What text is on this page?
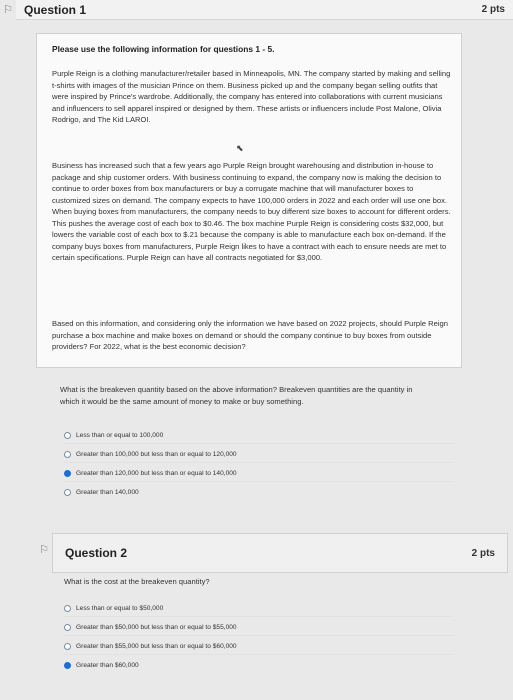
⚐ Question 1	2 pts
Please use the following information for questions 1 - 5.
Purple Reign is a clothing manufacturer/retailer based in Minneapolis, MN. The company started by making and selling t-shirts with images of the musician Prince on them. Business picked up and the company began selling outfits that were inspired by Prince's wardrobe. Additionally, the company has entered into collaborations with current musicians and influencers to sell apparel inspired or designed by them. These artists or influencers include Post Malone, Olivia Rodrigo, and The Kid LAROI.
⬉
Business has increased such that a few years ago Purple Reign brought warehousing and distribution in-house to package and ship customer orders. With business continuing to expand, the company now is making the decision to continue to order boxes from box manufacturers or buy a corrugate machine that will manufacturer boxes to customized sizes on demand. The company expects to have 100,000 orders in 2022 and each order will use one box. When buying boxes from manufacturers, the company needs to buy different size boxes to account for different orders. This pushes the average cost of each box to $0.46. The box machine Purple Reign is considering costs $32,000, but lowers the variable cost of each box to $.21 because the company is able to manufacture each box on-demand. If the company buys boxes from manufacturers, Purple Reign likes to have a contract with each to ensure needs are met to certain specifications. Purple Reign can have all contracts negotiated for $3,000.
Based on this information, and considering only the information we have based on 2022 projects, should Purple Reign purchase a box machine and make boxes on demand or should the company continue to buy boxes from outside providers? For 2022, what is the best economic decision?
What is the breakeven quantity based on the above information? Breakeven quantities are the quantity in which it would be the same amount of money to make or buy something.
Less than or equal to 100,000
Greater than 100,000 but less than or equal to 120,000
Greater than 120,000 but less than or equal to 140,000
Greater than 140,000
⚐ Question 2	2 pts
What is the cost at the breakeven quantity?
Less than or equal to $50,000
Greater than $50,000 but less than or equal to $55,000
Greater than $55,000 but less than or equal to $60,000
Greater than $60,000
